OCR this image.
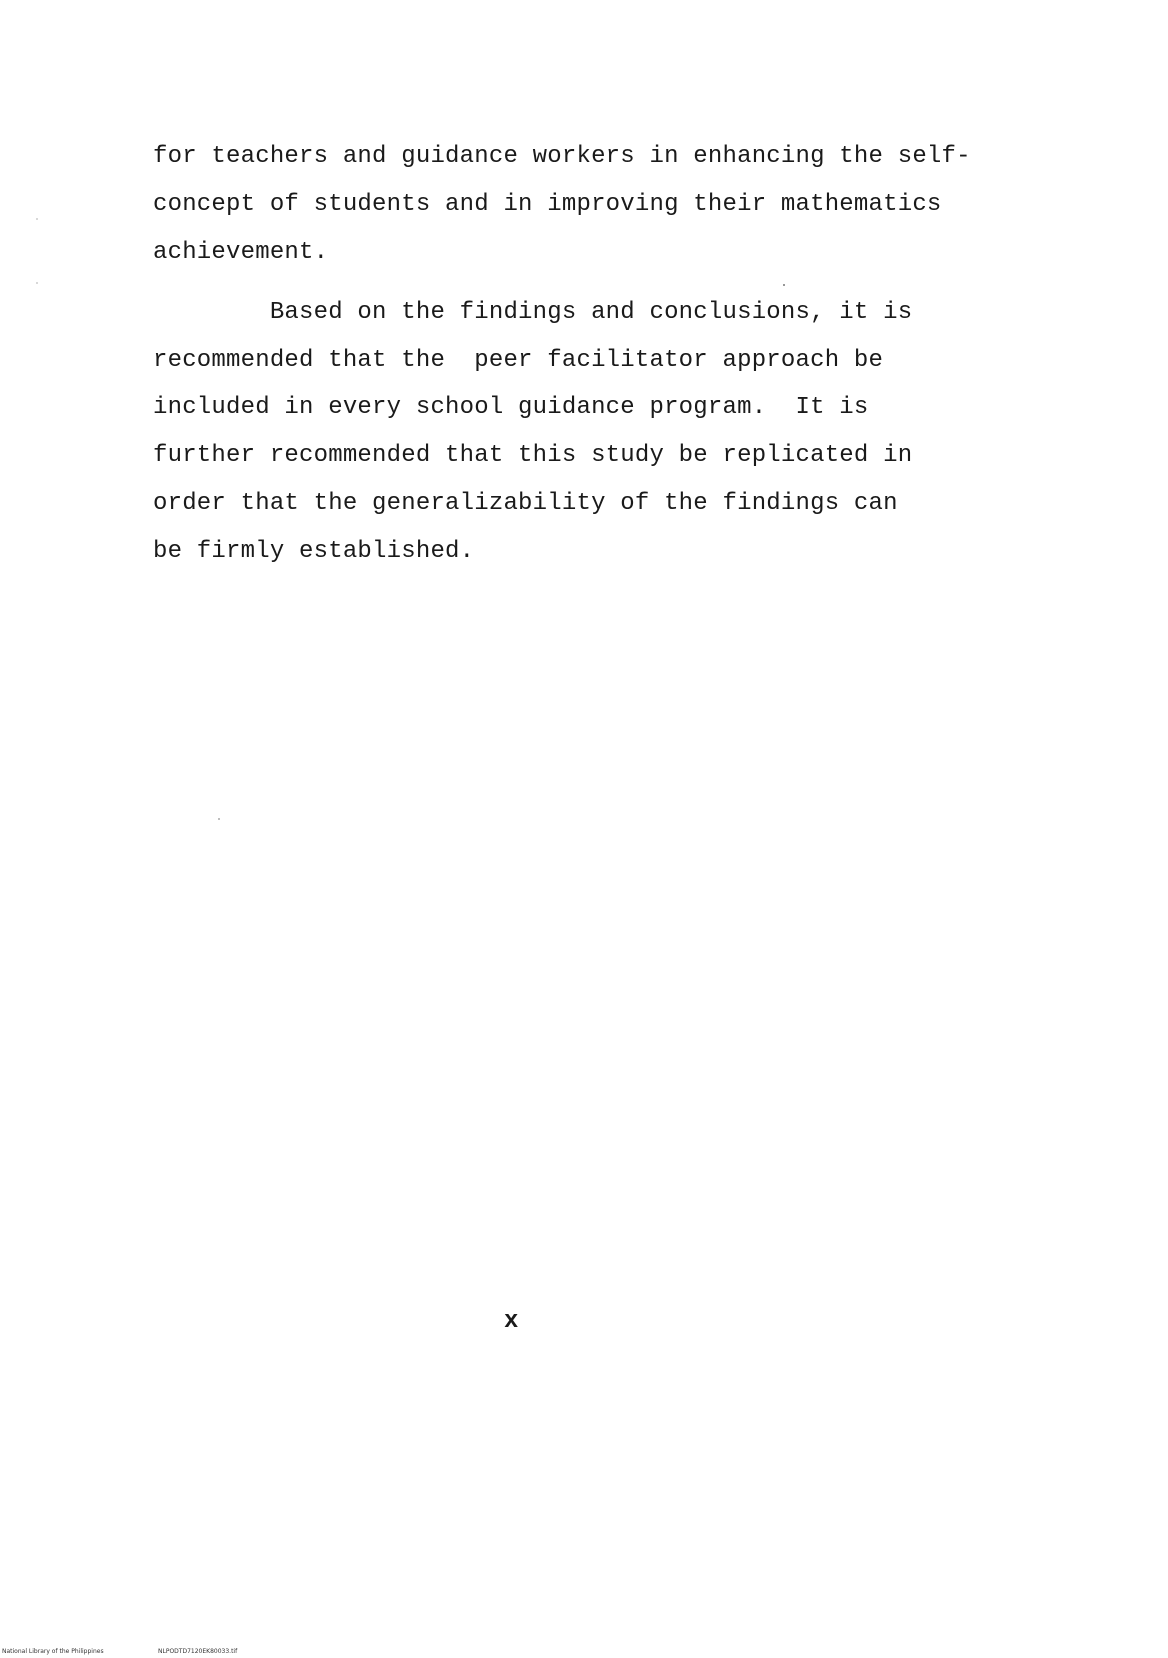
for teachers and guidance workers in enhancing the self-
concept of students and in improving their mathematics
achievement.
Based on the findings and conclusions, it is
recommended that the  peer facilitator approach be
included in every school guidance program.  It is
further recommended that this study be replicated in
order that the generalizability of the findings can
be firmly established.
x
National Library of the Philippines	NLPODTD7120EK80033.tif
